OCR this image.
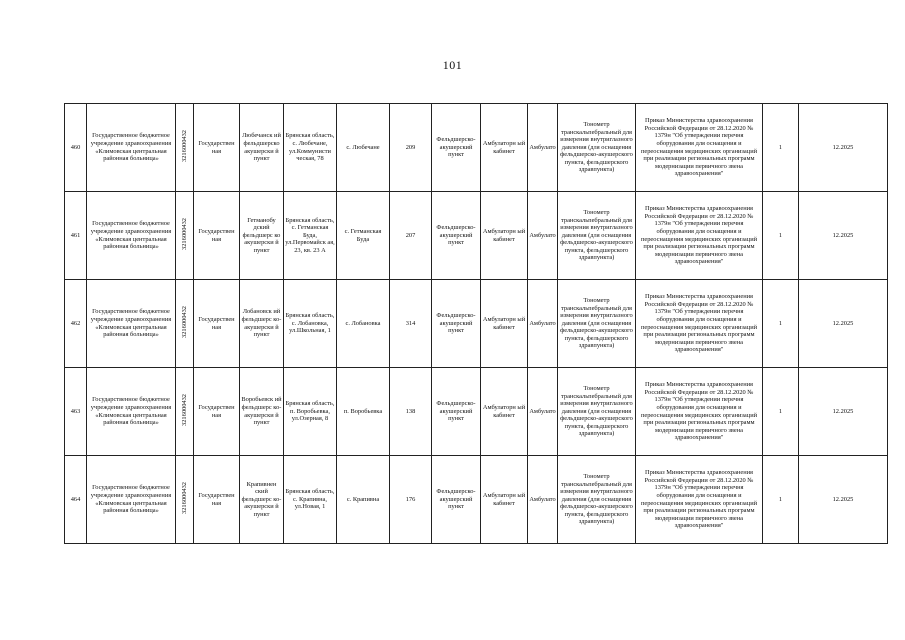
101
460	Государственное бюджетное учреждение здравоохранения «Климовская центральная районная больница»	3216000432	Государствен ная	Любечанск ий фельдшерско акушерски й пункт	Брянская область, с. Любечане, ул.Коммунисти ческая, 78	с. Любечане	209	Фельдшерско-акушерский пункт	Амбулаторн ый кабинет	Амбулато	Тонометр транскальпебральный для измерения внутриглазного давления (для оснащения фельдшерско-акушерского пункта, фельдшерского здравпункта)	Приказ Министерства здравоохранения Российской Федерации от 28.12.2020 № 1379н "Об утверждении перечня оборудования для оснащения и переоснащения медицинских организаций при реализации региональных программ модернизации первичного звена здравоохранения"	1	12.2025
461	Государственное бюджетное учреждение здравоохранения «Климовская центральная районная больница»	3216000432	Государствен ная	Гетманобу дский фельдшерс ко акушерски й пункт	Брянская область, с. Гетманская Буда, ул.Первомайск ая, 23, кв. 23 А	с. Гетманская Буда	207	Фельдшерско-акушерский пункт	Амбулаторн ый кабинет	Амбулато	Тонометр транскальпебральный для измерения внутриглазного давления (для оснащения фельдшерско-акушерского пункта, фельдшерского здравпункта)	Приказ Министерства здравоохранения Российской Федерации от 28.12.2020 № 1379н "Об утверждении перечня оборудования для оснащения и переоснащения медицинских организаций при реализации региональных программ модернизации первичного звена здравоохранения"	1	12.2025
462	Государственное бюджетное учреждение здравоохранения «Климовская центральная районная больница»	3216000432	Государствен ная	Лобановск ий фельдшерс ко-акушерски й пункт	Брянская область, с. Лобановка, ул.Школьная, 1	с. Лобановка	314	Фельдшерско-акушерский пункт	Амбулаторн ый кабинет	Амбулато	Тонометр транскальпебральный для измерения внутриглазного давления (для оснащения фельдшерско-акушерского пункта, фельдшерского здравпункта)	Приказ Министерства здравоохранения Российской Федерации от 28.12.2020 № 1379н "Об утверждении перечня оборудования для оснащения и переоснащения медицинских организаций при реализации региональных программ модернизации первичного звена здравоохранения"	1	12.2025
463	Государственное бюджетное учреждение здравоохранения «Климовская центральная районная больница»	3216000432	Государствен ная	Воробьевск ий фельдшерс ко-акушерски й пункт	Брянская область, п. Воробьевка, ул.Озерная, 8	п. Воробьевка	138	Фельдшерско-акушерский пункт	Амбулаторн ый кабинет	Амбулато	Тонометр транскальпебральный для измерения внутриглазного давления (для оснащения фельдшерско-акушерского пункта, фельдшерского здравпункта)	Приказ Министерства здравоохранения Российской Федерации от 28.12.2020 № 1379н "Об утверждении перечня оборудования для оснащения и переоснащения медицинских организаций при реализации региональных программ модернизации первичного звена здравоохранения"	1	12.2025
464	Государственное бюджетное учреждение здравоохранения «Климовская центральная районная больница»	3216000432	Государствен ная	Крапивнен ский фельдшерс ко-акушерски й пункт	Брянская область, с. Крапивна, ул.Новая, 1	с. Крапивна	176	Фельдшерско-акушерский пункт	Амбулаторн ый кабинет	Амбулато	Тонометр транскальпебральный для измерения внутриглазного давления (для оснащения фельдшерско-акушерского пункта, фельдшерского здравпункта)	Приказ Министерства здравоохранения Российской Федерации от 28.12.2020 № 1379н "Об утверждении перечня оборудования для оснащения и переоснащения медицинских организаций при реализации региональных программ модернизации первичного звена здравоохранения"	1	12.2025
